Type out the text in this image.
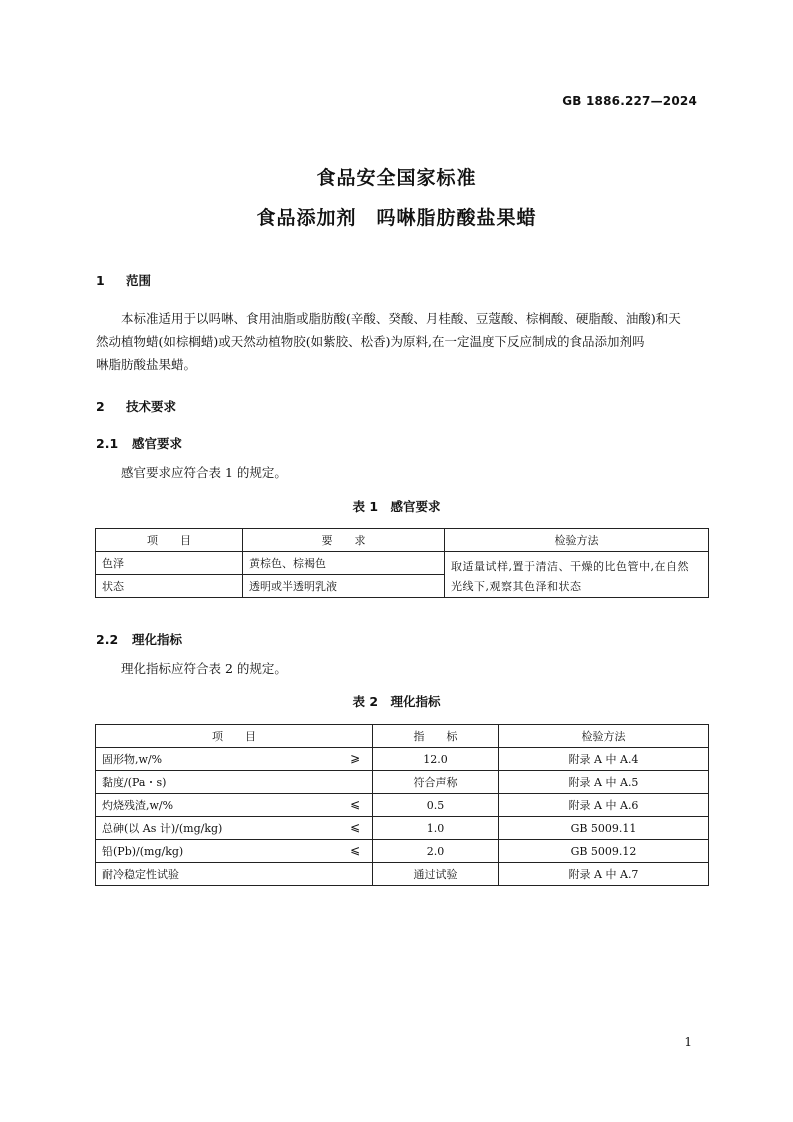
GB 1886.227—2024
食品安全国家标准
食品添加剂　吗啉脂肪酸盐果蜡
1 范围
本标准适用于以吗啉、食用油脂或脂肪酸(辛酸、癸酸、月桂酸、豆蔻酸、棕榈酸、硬脂酸、油酸)和天
然动植物蜡(如棕榈蜡)或天然动植物胶(如紫胶、松香)为原料,在一定温度下反应制成的食品添加剂吗
啉脂肪酸盐果蜡。
2 技术要求
2.1 感官要求
感官要求应符合表 1 的规定。
表 1　感官要求
项　　目	要　　求	检验方法
色泽	黄棕色、棕褐色	取适量试样,置于清洁、干燥的比色管中,在自然
光线下,观察其色泽和状态

状态	透明或半透明乳液	
2.2 理化指标
理化指标应符合表 2 的规定。
表 2　理化指标
项　　目	指　　标	检验方法
固形物,w/% ⩾	12.0	附录 A 中 A.4
黏度/(Pa・s)	符合声称	附录 A 中 A.5
灼烧残渣,w/% ⩽	0.5	附录 A 中 A.6
总砷(以 As 计)/(mg/kg) ⩽	1.0	GB 5009.11
铅(Pb)/(mg/kg) ⩽	2.0	GB 5009.12
耐冷稳定性试验	通过试验	附录 A 中 A.7
1
